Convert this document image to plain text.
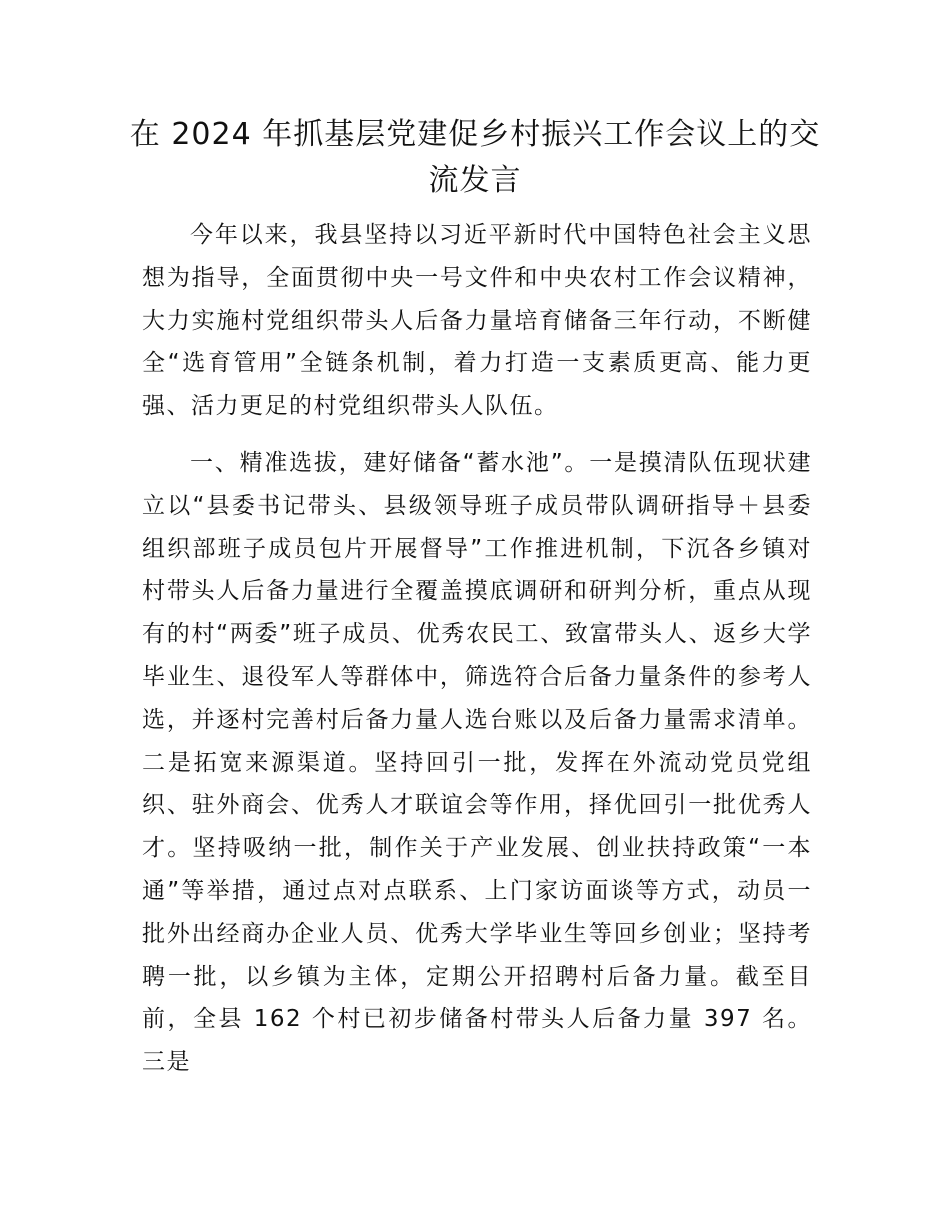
在 2024 年抓基层党建促乡村振兴工作会议上的交流发言

今年以来，我县坚持以习近平新时代中国特色社会主义思想为指导，全面贯彻中央一号文件和中央农村工作会议精神，大力实施村党组织带头人后备力量培育储备三年行动，不断健全“选育管用”全链条机制，着力打造一支素质更高、能力更强、活力更足的村党组织带头人队伍。

一、精准选拔，建好储备“蓄水池”。一是摸清队伍现状建立以“县委书记带头、县级领导班子成员带队调研指导＋县委组织部班子成员包片开展督导”工作推进机制，下沉各乡镇对村带头人后备力量进行全覆盖摸底调研和研判分析，重点从现有的村“两委”班子成员、优秀农民工、致富带头人、返乡大学毕业生、退役军人等群体中，筛选符合后备力量条件的参考人选，并逐村完善村后备力量人选台账以及后备力量需求清单。二是拓宽来源渠道。坚持回引一批，发挥在外流动党员党组织、驻外商会、优秀人才联谊会等作用，择优回引一批优秀人才。坚持吸纳一批，制作关于产业发展、创业扶持政策“一本通”等举措，通过点对点联系、上门家访面谈等方式，动员一批外出经商办企业人员、优秀大学毕业生等回乡创业；坚持考聘一批，以乡镇为主体，定期公开招聘村后备力量。截至目前，全县 162 个村已初步储备村带头人后备力量 397 名。三是
